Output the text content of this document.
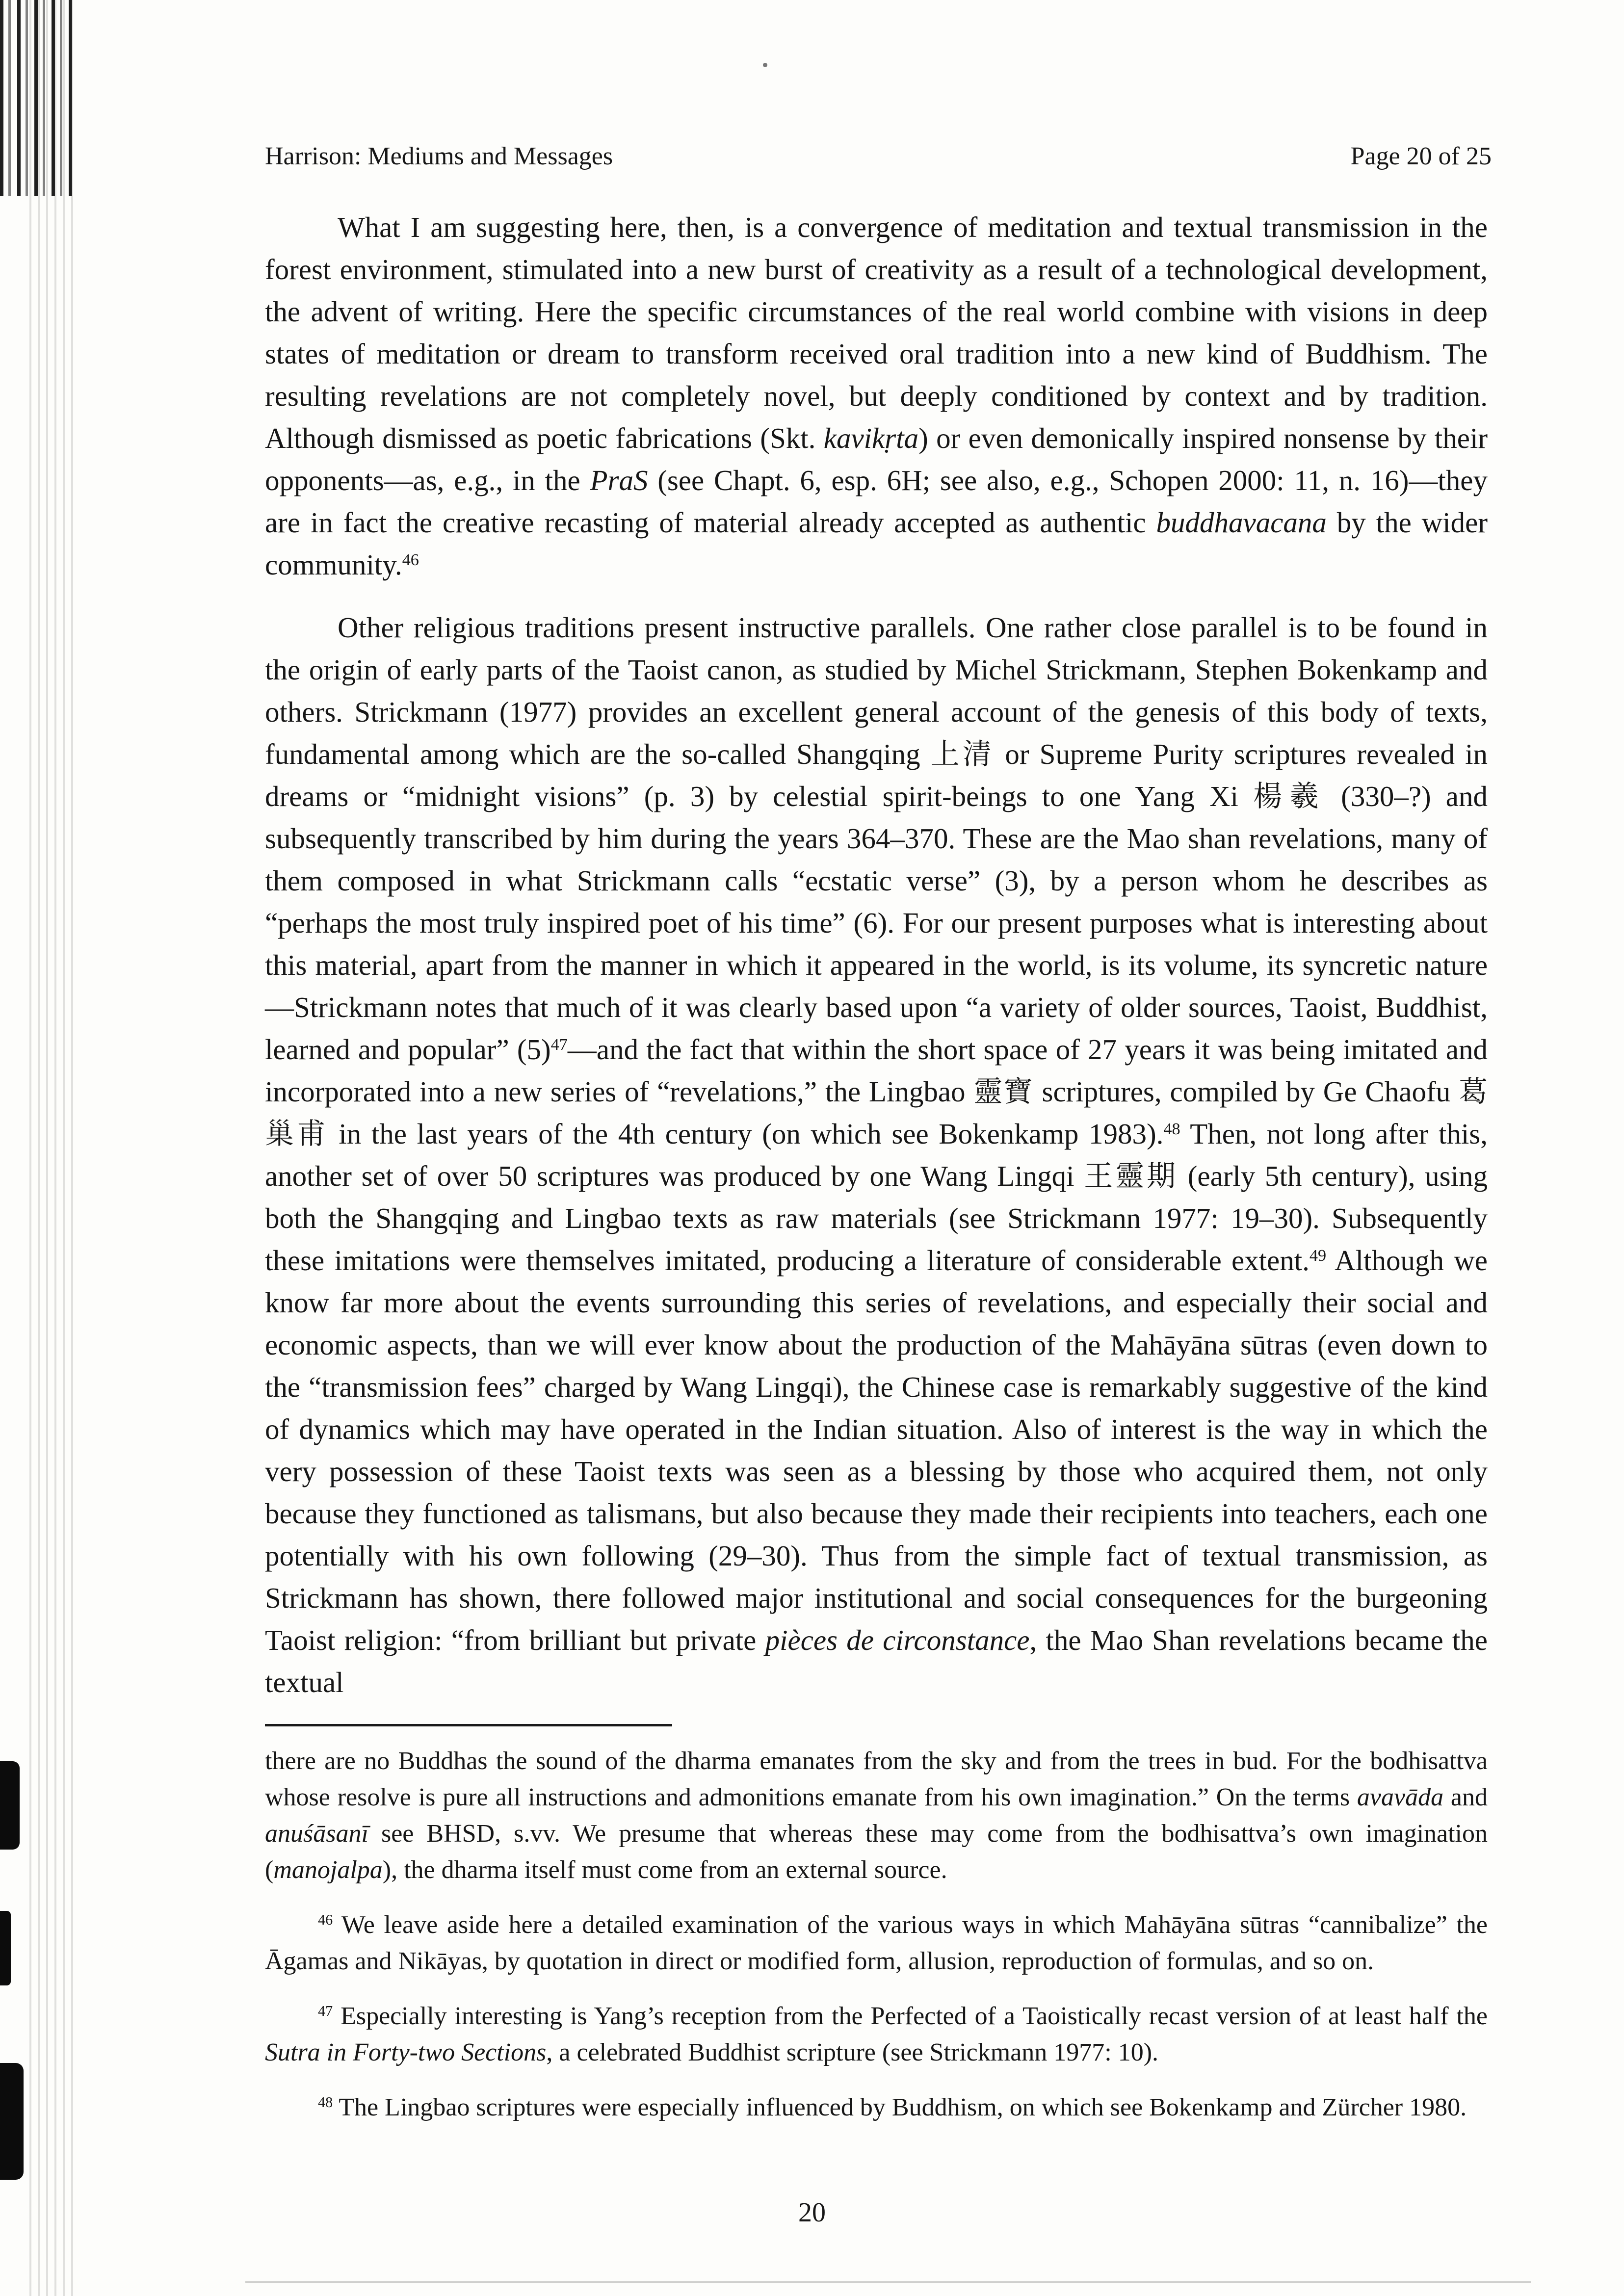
Harrison: Mediums and Messages	Page 20 of 25

What I am suggesting here, then, is a convergence of meditation and textual transmission in the forest environment, stimulated into a new burst of creativity as a result of a technological development, the advent of writing. Here the specific circumstances of the real world combine with visions in deep states of meditation or dream to transform received oral tradition into a new kind of Buddhism. The resulting revelations are not completely novel, but deeply conditioned by context and by tradition. Although dismissed as poetic fabrications (Skt. kavikṛta) or even demonically inspired nonsense by their opponents—as, e.g., in the PraS (see Chapt. 6, esp. 6H; see also, e.g., Schopen 2000: 11, n. 16)—they are in fact the creative recasting of material already accepted as authentic buddhavacana by the wider community.$^{46}$

Other religious traditions present instructive parallels. One rather close parallel is to be found in the origin of early parts of the Taoist canon, as studied by Michel Strickmann, Stephen Bokenkamp and others. Strickmann (1977) provides an excellent general account of the genesis of this body of texts, fundamental among which are the so-called Shangqing 上清 or Supreme Purity scriptures revealed in dreams or “midnight visions” (p. 3) by celestial spirit-beings to one Yang Xi 楊羲 (330–?) and subsequently transcribed by him during the years 364–370. These are the Mao shan revelations, many of them composed in what Strickmann calls “ecstatic verse” (3), by a person whom he describes as “perhaps the most truly inspired poet of his time” (6). For our present purposes what is interesting about this material, apart from the manner in which it appeared in the world, is its volume, its syncretic nature—Strickmann notes that much of it was clearly based upon “a variety of older sources, Taoist, Buddhist, learned and popular” $(5)^{47}—and$ the fact that within the short space of 27 years it was being imitated and incorporated into a new series of “revelations,” the Lingbao 靈寶 scriptures, compiled by Ge Chaofu 葛巢甫 in the last years of the 4th century (on which see Bokenkamp 1983).$^{48}$ Then, not long after this, another set of over 50 scriptures was produced by one Wang Lingqi 王靈期 (early 5th century), using both the Shangqing and Lingbao texts as raw materials (see Strickmann 1977: 19–30). Subsequently these imitations were themselves imitated, producing a literature of considerable extent.$^{49}$ Although we know far more about the events surrounding this series of revelations, and especially their social and economic aspects, than we will ever know about the production of the Mahāyāna sūtras (even down to the “transmission fees” charged by Wang Lingqi), the Chinese case is remarkably suggestive of the kind of dynamics which may have operated in the Indian situation. Also of interest is the way in which the very possession of these Taoist texts was seen as a blessing by those who acquired them, not only because they functioned as talismans, but also because they made their recipients into teachers, each one potentially with his own following (29–30). Thus from the simple fact of textual transmission, as Strickmann has shown, there followed major institutional and social consequences for the burgeoning Taoist religion: “from brilliant but private pièces de circonstance, the Mao Shan revelations became the textual

there are no Buddhas the sound of the dharma emanates from the sky and from the trees in bud. For the bodhisattva whose resolve is pure all instructions and admonitions emanate from his own imagination.” On the terms avavāda and anuśāsanī see BHSD, s.vv. We presume that whereas these may come from the bodhisattva’s own imagination (manojalpa), the dharma itself must come from an external source.

$^{46}$ We leave aside here a detailed examination of the various ways in which Mahāyāna sūtras “cannibalize” the Āgamas and Nikāyas, by quotation in direct or modified form, allusion, reproduction of formulas, and so on.

$^{47}$ Especially interesting is Yang’s reception from the Perfected of a Taoistically recast version of at least half the Sutra in Forty-two Sections, a celebrated Buddhist scripture (see Strickmann 1977: 10).

$^{48}$ The Lingbao scriptures were especially influenced by Buddhism, on which see Bokenkamp and Zürcher 1980.

20
